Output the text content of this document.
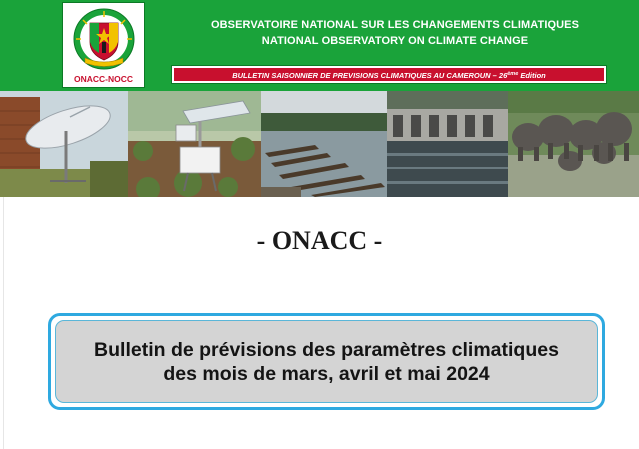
ONACC-NOCC
OBSERVATOIRE NATIONAL SUR LES CHANGEMENTS CLIMATIQUES
NATIONAL OBSERVATORY ON CLIMATE CHANGE
BULLETIN SAISONNIER DE PREVISIONS CLIMATIQUES AU CAMEROUN – 26ème Edition
- ONACC -
Bulletin de prévisions des paramètres climatiques
des mois de mars, avril et mai 2024
